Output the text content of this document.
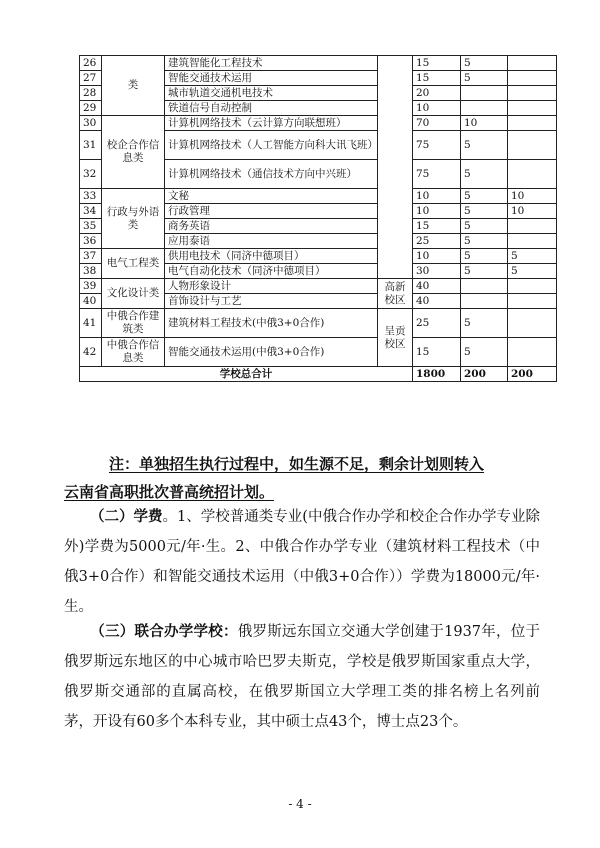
26	类	建筑智能化工程技术		15	5	
27		智能交通技术运用		15	5	
28		城市轨道交通机电技术		20		
29		铁道信号自动控制		10		
30	校企合作信息类	计算机网络技术（云计算方向联想班）		70	10	
31		计算机网络技术（人工智能方向科大讯飞班）		75	5	
32		计算机网络技术（通信技术方向中兴班）		75	5	
33	行政与外语类	文秘		10	5	10
34		行政管理		10	5	10
35		商务英语		15	5	
36		应用泰语		25	5	
37	电气工程类	供用电技术（同济中德项目）		10	5	5
38		电气自动化技术（同济中德项目）		30	5	5
39	文化设计类	人物形象设计	高新校区	40		
40		首饰设计与工艺		40		
41	中俄合作建筑类	建筑材料工程技术(中俄3+0合作)	呈贡校区	25	5	
42	中俄合作信息类	智能交通技术运用(中俄3+0合作)		15	5	
学校总合计				1800	200	200
注：单独招生执行过程中，如生源不足，剩余计划则转入
云南省高职批次普高统招计划。
（二）学费。1、学校普通类专业(中俄合作办学和校企合作办学专业除外)学费为5000元/年·生。2、中俄合作办学专业（建筑材料工程技术（中俄3+0合作）和智能交通技术运用（中俄3+0合作））学费为18000元/年·生。
（三）联合办学学校：俄罗斯远东国立交通大学创建于1937年，位于俄罗斯远东地区的中心城市哈巴罗夫斯克，学校是俄罗斯国家重点大学，俄罗斯交通部的直属高校，在俄罗斯国立大学理工类的排名榜上名列前茅，开设有60多个本科专业，其中硕士点43个，博士点23个。
- 4 -
